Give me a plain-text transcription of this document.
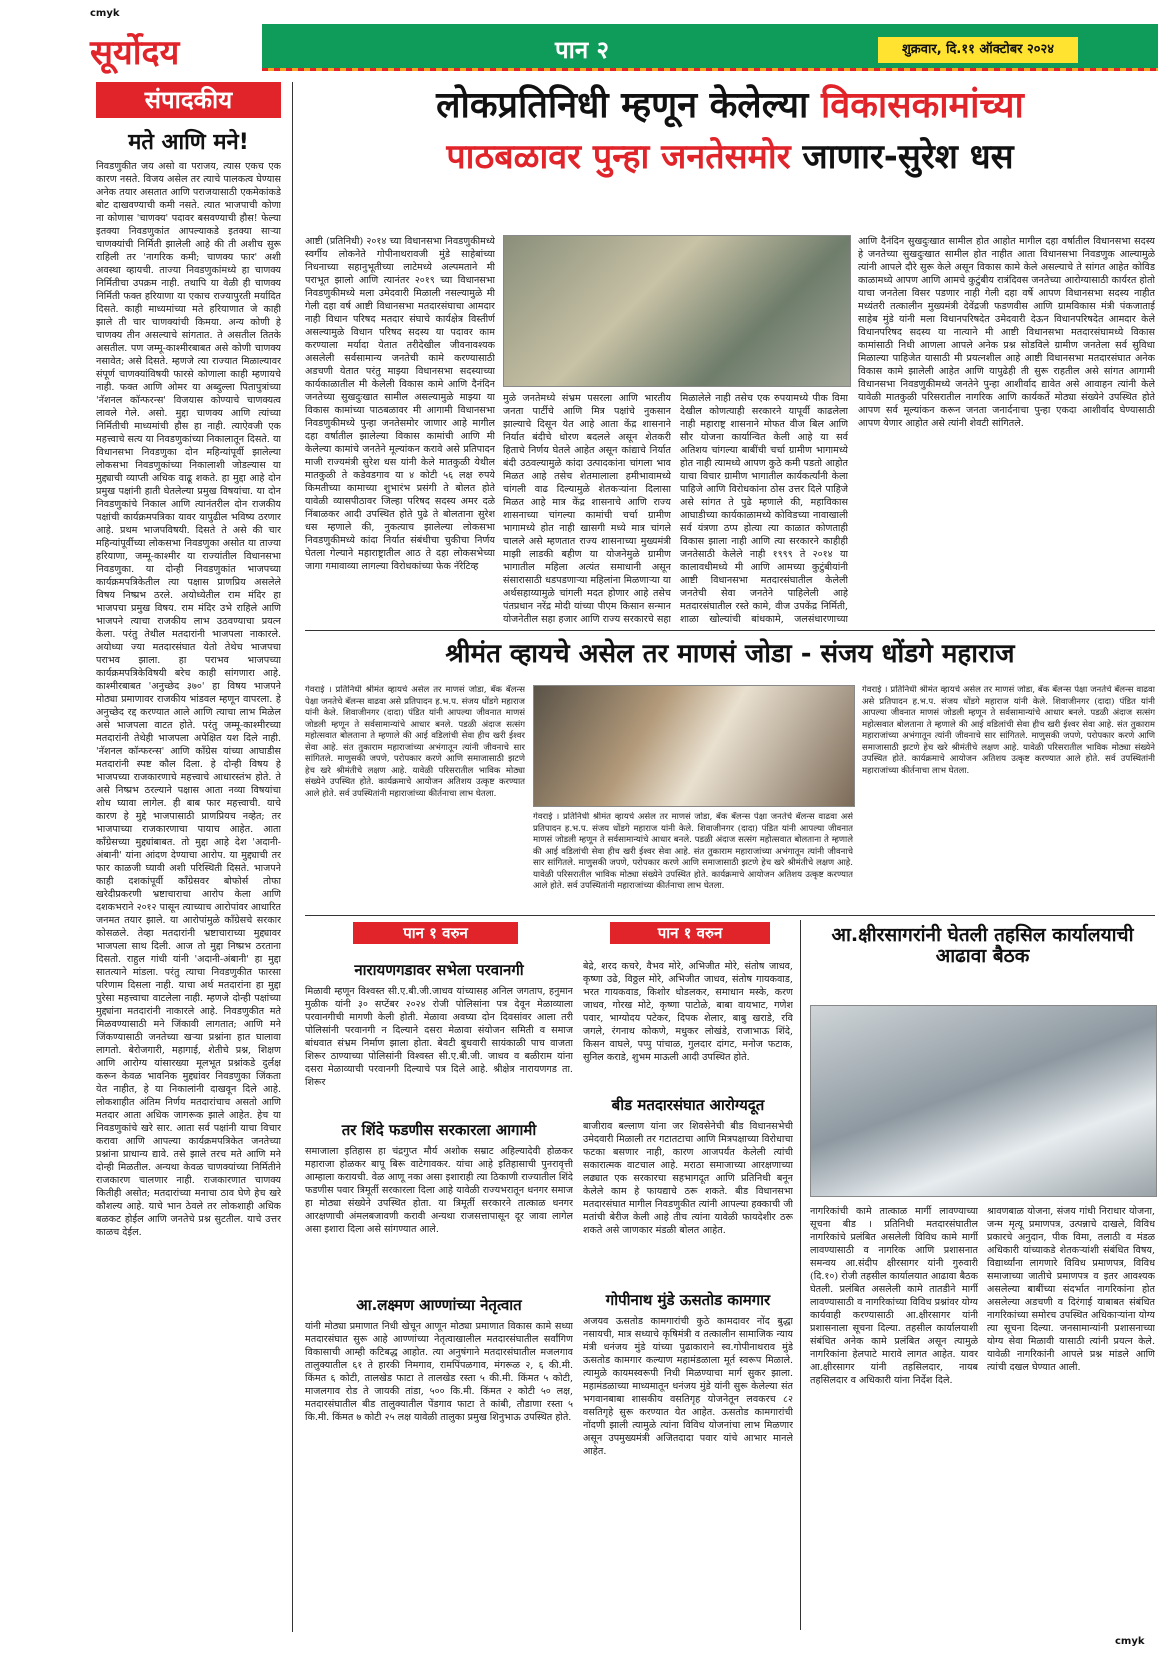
cmyk
सूर्योदय	पान २	शुक्रवार, दि.११ ऑक्टोबर २०२४
संपादकीय
मते आणि मने!
निवडणुकीत जय असो वा पराजय, त्यास एकच एक कारण नसते. विजय असेल तर त्याचे पालकत्व घेण्यास अनेक तयार असतात आणि पराजयासाठी एकमेकांकडे बोट दाखवण्याची कमी नसते. त्यात भाजपाची कोणा ना कोणास 'चाणक्य' पदावर बसवण्याची हौस! फेल्या इतक्या निवडणुकांत आपल्याकडे इतक्या साऱ्या चाणक्यांची निर्मिती झालेली आहे की ती अशीच सुरू राहिली तर 'नागरिक कमी; चाणक्य फार' अशी अवस्था व्हायची. ताज्या निवडणुकांमध्ये हा चाणक्य निर्मितीचा उपक्रम नाही. तथापि या वेळी ही चाणक्य निर्मिती फक्त हरियाणा या एकाच राज्यापुरती मर्यादित दिसते. काही माध्यमांच्या मते हरियाणात जे काही झाले ती चार चाणक्यांची किमया. अन्य कोणी हे चाणक्य तीन असल्याचे सांगतात. ते असतील तितके असतील. पण जम्मू-काश्मीरबाबत असे कोणी चाणक्य नसावेत; असे दिसते. म्हणजे त्या राज्यात मिळाल्यावर संपूर्ण चाणक्यांविषयी फारसे कोणाला काही म्हणायचे नाही. फक्त आणि ओमर या अब्दुल्ला पितापुत्रांच्या 'नॅशनल कॉन्फरन्स' विजयास कोण्याचे चाणक्यत्व लावले गेले. असो. मुद्दा चाणक्य आणि त्यांच्या निर्मितीची माध्यमांची हौस हा नाही. त्याऐवजी एक महत्त्वाचे सत्य या निवडणुकांच्या निकालातून दिसते. या विधानसभा निवडणुका दोन महिन्यांपूर्वी झालेल्या लोकसभा निवडणुकांच्या निकालाशी जोडल्यास या मुद्द्याची व्याप्ती अधिक वाढू शकते. हा मुद्दा आहे दोन प्रमुख पक्षांनी हाती घेतलेल्या प्रमुख विषयांचा. या दोन निवडणुकांचे निकाल आणि त्यानंतरील दोन राजकीय पक्षांची कार्यक्रमपत्रिका यावर यापुढील भविष्य ठरणार आहे. प्रथम भाजपविषयी. दिसते ते असे की चार महिन्यांपूर्वीच्या लोकसभा निवडणुका असोत या ताज्या हरियाणा, जम्मू-काश्मीर या राज्यांतील विधानसभा निवडणुका. या दोन्ही निवडणुकांत भाजपच्या कार्यक्रमपत्रिकेतील त्या पक्षास प्राणप्रिय असलेले विषय निष्प्रभ ठरले. अयोध्येतील राम मंदिर हा भाजपचा प्रमुख विषय. राम मंदिर उभे राहिले आणि भाजपने त्याचा राजकीय लाभ उठवण्याचा प्रयत्न केला. परंतु तेथील मतदारांनी भाजपला नाकारले. अयोध्या ज्या मतदारसंघात येतो तेथेच भाजपचा पराभव झाला. हा पराभव भाजपच्या कार्यक्रमपत्रिकेविषयी बरेच काही सांगणारा आहे. काश्मीरबाबत 'अनुच्छेद ३७०' हा विषय भाजपने मोठ्या प्रमाणावर राजकीय भांडवल म्हणून वापरला. हे अनुच्छेद रद्द करण्यात आले आणि त्याचा लाभ मिळेल असे भाजपला वाटत होते. परंतु जम्मू-काश्मीरच्या मतदारांनी तेथेही भाजपला अपेक्षित यश दिले नाही. 'नॅशनल कॉन्फरन्स' आणि काँग्रेस यांच्या आघाडीस मतदारांनी स्पष्ट कौल दिला. हे दोन्ही विषय हे भाजपच्या राजकारणाचे महत्त्वाचे आधारस्तंभ होते. ते असे निष्प्रभ ठरल्याने पक्षास आता नव्या विषयांचा शोध घ्यावा लागेल. ही बाब फार महत्त्वाची. याचे कारण हे मुद्दे भाजपासाठी प्राणप्रियच नव्हेत; तर भाजपाच्या राजकारणाचा पायाच आहेत. आता काँग्रेसच्या मुद्द्यांबाबत. तो मुद्दा आहे देश 'अदानी-अंबानी' यांना आंदण देण्याचा आरोप. या मुद्द्याची तर फार काळजी घ्यावी अशी परिस्थिती दिसते. भाजपने काही दशकांपूर्वी काँग्रेसवर बोफोर्स तोफा खरेदीप्रकरणी भ्रष्टाचाराचा आरोप केला आणि दशकभराने २०१२ पासून त्याच्याच आरोपांवर आधारित जनमत तयार झाले. या आरोपांमुळे काँग्रेसचे सरकार कोसळले. तेव्हा मतदारांनी भ्रष्टाचाराच्या मुद्द्यावर भाजपला साथ दिली. आज तो मुद्दा निष्प्रभ ठरताना दिसतो. राहुल गांधी यांनी 'अदानी-अंबानी' हा मुद्दा सातत्याने मांडला. परंतु त्याचा निवडणुकीत फारसा परिणाम दिसला नाही. याचा अर्थ मतदारांना हा मुद्दा पुरेसा महत्त्वाचा वाटलेला नाही. म्हणजे दोन्ही पक्षांच्या मुद्द्यांना मतदारांनी नाकारले आहे. निवडणुकीत मते मिळवण्यासाठी मने जिंकावी लागतात; आणि मने जिंकण्यासाठी जनतेच्या खऱ्या प्रश्नांना हात घालावा लागतो. बेरोजगारी, महागाई, शेतीचे प्रश्न, शिक्षण आणि आरोग्य यांसारख्या मूलभूत प्रश्नांकडे दुर्लक्ष करून केवळ भावनिक मुद्द्यांवर निवडणुका जिंकता येत नाहीत, हे या निकालांनी दाखवून दिले आहे. लोकशाहीत अंतिम निर्णय मतदारांचाच असतो आणि मतदार आता अधिक जागरूक झाले आहेत. हेच या निवडणुकांचे खरे सार. आता सर्व पक्षांनी याचा विचार करावा आणि आपल्या कार्यक्रमपत्रिकेत जनतेच्या प्रश्नांना प्राधान्य द्यावे. तसे झाले तरच मते आणि मने दोन्ही मिळतील. अन्यथा केवळ चाणक्यांच्या निर्मितीने राजकारण चालणार नाही. राजकारणात चाणक्य कितीही असोत; मतदारांच्या मनाचा ठाव घेणे हेच खरे कौशल्य आहे. याचे भान ठेवले तर लोकशाही अधिक बळकट होईल आणि जनतेचे प्रश्न सुटतील. याचे उत्तर काळच देईल.
लोकप्रतिनिधी म्हणून केलेल्या विकासकामांच्या
पाठबळावर पुन्हा जनतेसमोर जाणार-सुरेश धस
आष्टी (प्रतिनिधी) २०१४ च्या विधानसभा निवडणुकीमध्ये स्वर्गीय लोकनेते गोपीनाथरावजी मुंडे साहेबांच्या निधनाच्या सहानुभूतीच्या लाटेमध्ये अल्पमताने मी पराभूत झालो आणि त्यानंतर २०१९ च्या विधानसभा निवडणुकीमध्ये मला उमेदवारी मिळाली नसल्यामुळे मी गेली दहा वर्ष आष्टी विधानसभा मतदारसंघाचा आमदार नाही विधान परिषद मतदार संघाचे कार्यक्षेत्र विस्तीर्ण असल्यामुळे विधान परिषद सदस्य या पदावर काम करण्याला मर्यादा येतात तरीदेखील जीवनावश्यक असलेली सर्वसामान्य जनतेची कामे करण्यासाठी अडचणी येतात परंतु माझ्या विधानसभा सदस्याच्या कार्यकाळातील मी केलेली विकास कामे आणि दैनंदिन जनतेच्या सुखदुःखात सामील असल्यामुळे माझ्या या विकास कामांच्या पाठबळावर मी आगामी विधानसभा निवडणुकीमध्ये पुन्हा जनतेसमोर जाणार आहे मागील दहा वर्षातील झालेल्या विकास कामांची आणि मी केलेल्या कामांचे जनतेने मूल्यांकन करावे असे प्रतिपादन माजी राज्यमंत्री सुरेश धस यांनी केले मातकुळी येथील मातकुळी ते कडेवडगाव या ४ कोटी ५६ लक्ष रुपये किमतीच्या कामाच्या शुभारंभ प्रसंगी ते बोलत होते यावेळी व्यासपीठावर जिल्हा परिषद सदस्य अमर दळे निंबाळकर आदी उपस्थित होते पुढे ते बोलताना सुरेश धस म्हणाले की, नुकत्याच झालेल्या लोकसभा निवडणुकीमध्ये कांदा निर्यात संबंधीचा चुकीचा निर्णय घेतला गेल्याने महाराष्ट्रातील आठ ते दहा लोकसभेच्या जागा गमावाव्या लागल्या विरोधकांच्या फेक नॅरेटिव्ह
मुळे जनतेमध्ये संभ्रम पसरला आणि भारतीय जनता पार्टीचे आणि मित्र पक्षांचे नुकसान झाल्याचे दिसून येत आहे आता केंद्र शासनाने निर्यात बंदीचे धोरण बदलले असून शेतकरी हिताचे निर्णय घेतले आहेत असून कांद्याचे निर्यात बंदी उठवल्यामुळे कांदा उत्पादकांना चांगला भाव मिळत आहे तसेच शेतमालाला हमीभावामध्ये चांगली वाढ दिल्यामुळे शेतकऱ्यांना दिलासा मिळत आहे मात्र केंद्र शासनाचे आणि राज्य शासनाच्या चांगल्या कामांची चर्चा ग्रामीण भागामध्ये होत नाही खासगी मध्ये मात्र चांगले चालले असे म्हणतात राज्य शासनाच्या मुख्यमंत्री माझी लाडकी बहीण या योजनेमुळे ग्रामीण भागातील महिला अत्यंत समाधानी असून संसारासाठी धडपडणाऱ्या महिलांना मिळणाऱ्या या अर्थसहाय्यामुळे चांगली मदत होणार आहे तसेच पंतप्रधान नरेंद्र मोदी यांच्या पीएम किसान सन्मान योजनेतील सहा हजार आणि राज्य सरकारचे सहा
मिळालेले नाही तसेच एक रुपयामध्ये पीक विमा देखील कोणत्याही सरकारने यापूर्वी काढलेला नाही महाराष्ट्र शासनाने मोफत वीज बिल आणि सौर योजना कार्यान्वित केली आहे या सर्व अतिशय चांगल्या बाबींची चर्चा ग्रामीण भागामध्ये होत नाही त्यामध्ये आपण कुठे कमी पडतो आहोत याचा विचार ग्रामीण भागातील कार्यकर्त्यांनी केला पाहिजे आणि विरोधकांना ठोस उत्तर दिले पाहिजे असे सांगत ते पुढे म्हणाले की, महाविकास आघाडीच्या कार्यकाळामध्ये कोविडच्या नावाखाली सर्व यंत्रणा ठप्प होत्या त्या काळात कोणताही विकास झाला नाही आणि त्या सरकारने काहीही जनतेसाठी केलेले नाही १९९९ ते २०१४ या कालावधीमध्ये मी आणि आमच्या कुटुंबीयांनी आष्टी विधानसभा मतदारसंघातील केलेली जनतेची सेवा जनतेने पाहिलेली आहे मतदारसंघातील रस्ते कामे, वीज उपकेंद्र निर्मिती, शाळा खोल्यांची बांधकामे, जलसंधारणाच्या
आणि दैनंदिन सुखदुःखात सामील होत आहोत मागील दहा वर्षातील विधानसभा सदस्य हे जनतेच्या सुखदुःखात सामील होत नाहीत आता विधानसभा निवडणुक आल्यामुळे त्यांनी आपले दौरे सुरू केले असून विकास कामे केले असल्याचे ते सांगत आहेत कोविड काळामध्ये आपण आणि आमचे कुटुंबीय रात्रंदिवस जनतेच्या आरोग्यासाठी कार्यरत होतो याचा जनतेला विसर पडणार नाही गेली दहा वर्षे आपण विधानसभा सदस्य नाहीत मध्यंतरी तत्कालीन मुख्यमंत्री देवेंद्रजी फडणवीस आणि ग्रामविकास मंत्री पंकजाताई साहेब मुंडे यांनी मला विधानपरिषदेत उमेदवारी देऊन विधानपरिषदेत आमदार केले विधानपरिषद सदस्य या नात्याने मी आष्टी विधानसभा मतदारसंघामध्ये विकास कामांसाठी निधी आणला आपले अनेक प्रश्न सोडविले ग्रामीण जनतेला सर्व सुविधा मिळाल्या पाहिजेत यासाठी मी प्रयत्नशील आहे आष्टी विधानसभा मतदारसंघात अनेक विकास कामे झालेली आहेत आणि यापुढेही ती सुरू राहतील असे सांगत आगामी विधानसभा निवडणुकीमध्ये जनतेने पुन्हा आशीर्वाद द्यावेत असे आवाहन त्यांनी केले यावेळी मातकुळी परिसरातील नागरिक आणि कार्यकर्ते मोठ्या संख्येने उपस्थित होते आपण सर्व मूल्यांकन करून जनता जनार्दनाचा पुन्हा एकदा आशीर्वाद घेण्यासाठी आपण येणार आहोत असे त्यांनी शेवटी सांगितले.
श्रीमंत व्हायचे असेल तर माणसं जोडा - संजय धोंडगे महाराज
गेवराई । प्रतिनिधी श्रीमंत व्हायचे असेल तर माणसं जोडा, बँक बॅलन्स पेक्षा जनतेचे बॅलन्स वाढवा असे प्रतिपादन ह.भ.प. संजय धोंडगे महाराज यांनी केले. शिवाजीनगर (दादा) पंडित यांनी आपल्या जीवनात माणसं जोडली म्हणून ते सर्वसामान्यांचे आधार बनले. पडळी अंदाज सत्संग महोत्सवात बोलताना ते म्हणाले की आई वडिलांची सेवा हीच खरी ईश्वर सेवा आहे. संत तुकाराम महाराजांच्या अभंगातून त्यांनी जीवनाचे सार सांगितले. माणुसकी जपणे, परोपकार करणे आणि समाजासाठी झटणे हेच खरे श्रीमंतीचे लक्षण आहे. यावेळी परिसरातील भाविक मोठ्या संख्येने उपस्थित होते. कार्यक्रमाचे आयोजन अतिशय उत्कृष्ट करण्यात आले होते. सर्व उपस्थितांनी महाराजांच्या कीर्तनाचा लाभ घेतला.
गेवराई । प्रतिनिधी श्रीमंत व्हायचे असेल तर माणसं जोडा, बँक बॅलन्स पेक्षा जनतेचे बॅलन्स वाढवा असे प्रतिपादन ह.भ.प. संजय धोंडगे महाराज यांनी केले. शिवाजीनगर (दादा) पंडित यांनी आपल्या जीवनात माणसं जोडली म्हणून ते सर्वसामान्यांचे आधार बनले. पडळी अंदाज सत्संग महोत्सवात बोलताना ते म्हणाले की आई वडिलांची सेवा हीच खरी ईश्वर सेवा आहे. संत तुकाराम महाराजांच्या अभंगातून त्यांनी जीवनाचे सार सांगितले. माणुसकी जपणे, परोपकार करणे आणि समाजासाठी झटणे हेच खरे श्रीमंतीचे लक्षण आहे. यावेळी परिसरातील भाविक मोठ्या संख्येने उपस्थित होते. कार्यक्रमाचे आयोजन अतिशय उत्कृष्ट करण्यात आले होते. सर्व उपस्थितांनी महाराजांच्या कीर्तनाचा लाभ घेतला.
गेवराई । प्रतिनिधी श्रीमंत व्हायचे असेल तर माणसं जोडा, बँक बॅलन्स पेक्षा जनतेचे बॅलन्स वाढवा असे प्रतिपादन ह.भ.प. संजय धोंडगे महाराज यांनी केले. शिवाजीनगर (दादा) पंडित यांनी आपल्या जीवनात माणसं जोडली म्हणून ते सर्वसामान्यांचे आधार बनले. पडळी अंदाज सत्संग महोत्सवात बोलताना ते म्हणाले की आई वडिलांची सेवा हीच खरी ईश्वर सेवा आहे. संत तुकाराम महाराजांच्या अभंगातून त्यांनी जीवनाचे सार सांगितले. माणुसकी जपणे, परोपकार करणे आणि समाजासाठी झटणे हेच खरे श्रीमंतीचे लक्षण आहे. यावेळी परिसरातील भाविक मोठ्या संख्येने उपस्थित होते. कार्यक्रमाचे आयोजन अतिशय उत्कृष्ट करण्यात आले होते. सर्व उपस्थितांनी महाराजांच्या कीर्तनाचा लाभ घेतला.
पान १ वरुन	पान १ वरुन
नारायणगडावर सभेला परवानगी
मिळावी म्हणून विश्वस्त सी.ए.बी.जी.जाधव यांच्यासह अनिल जगताप, हनुमान मुळीक यांनी ३० सप्टेंबर २०२४ रोजी पोलिसांना पत्र देवून मेळाव्याला परवानगीची मागणी केली होती. मेळावा अवघ्या दोन दिवसांवर आला तरी पोलिसांनी परवानगी न दिल्याने दसरा मेळावा संयोजन समिती व समाज बांधवात संभ्रम निर्माण झाला होता. बेवटी बुधवारी सायंकाळी पाच वाजता शिरूर ठाण्याच्या पोलिसांनी विश्वस्त सी.ए.बी.जी. जाधव व बळीराम यांना दसरा मेळाव्याची परवानगी दिल्याचे पत्र दिले आहे. श्रीक्षेत्र नारायणगड ता. शिरूर
तर शिंदे फडणीस सरकारला आगामी
समाजाला इतिहास हा चंद्रगुप्त मौर्य अशोक सम्राट अहिल्यादेवी होळकर महाराजा होळकर बापू बिरू वाटेगावकर. यांचा आहे इतिहासाची पुनरावृत्ती आम्हाला करायची. वेळ आणू नका असा इशाराही त्या ठिकाणी राज्यातील शिंदे फडणीस पवार त्रिमूर्ती सरकारला दिला आहे यावेळी राज्यभरातून धनगर समाज हा मोठ्या संख्येने उपस्थित होता. या त्रिमूर्ती सरकारने तात्काळ धनगर आरक्षणाची अंमलबजावणी करावी अन्यथा राजसत्तापासून दूर जावा लागेल असा इशारा दिला असे सांगण्यात आले.
आ.लक्ष्मण आण्णांच्या नेतृत्वात
यांनी मोठ्या प्रमाणात निधी खेचून आणून मोठ्या प्रमाणात विकास कामे सध्या मतदारसंघात सुरू आहे आण्णांच्या नेतृत्वाखालील मतदारसंघातील सर्वांगिण विकासाची आम्ही कटिबद्ध आहोत. त्या अनुषंगाने मतदारसंघातील मजलगाव तालुक्यातील ६१ ते हारकी निमगाव, रामपिंपळगाव, मंगरूळ २, ६ की.मी. किंमत ६ कोटी, तालखेड फाटा ते तालखेड रस्ता ५ की.मी. किंमत ५ कोटी, माजलगाव रोड ते जायकी तांडा, ५०० कि.मी. किंमत २ कोटी ५० लक्ष, मतदारसंघातील बीड तालुक्यातील पेंडगाव फाटा ते कांबी, तौडाणा रस्ता ५ कि.मी. किंमत ७ कोटी २५ लक्ष यावेळी तालुका प्रमुख शिनुभाऊ उपस्थित होते.
बेद्रे, शरद कचरे, वैभव मोरे, अभिजीत मोरे, संतोष जाधव, कृष्णा उढे, विठ्ठल मोरे, अभिजीत जाधव, संतोष गायकवाड, भरत गायकवाड, किशोर धोडलकर, समाधान मस्के, करण जाधव, गोरख मोटे, कृष्णा पाटोळे, बाबा वायभाट, गणेश पवार, भाग्योदय पटेकर, दिपक शेलार, बाबु खराडे, रवि जगले, रंगनाथ कोकणे, मधुकर लोखंडे, राजाभाऊ शिंदे, किसन वाघले, पप्पु पांचाळ, गुलदार दांगट, मनोज फटाक, सुनिल कराडे, शुभम माऊली आदी उपस्थित होते.
बीड मतदारसंघात आरोग्यदूत
बाजीराव बल्लाण यांना जर शिवसेनेची बीड विधानसभेची उमेदवारी मिळाली तर गटातटाचा आणि मित्रपक्षाच्या विरोधाचा फटका बसणार नाही, कारण आजपर्यंत केलेली त्यांची सकारात्मक वाटचाल आहे. मराठा समाजाच्या आरक्षणाच्या लढ्यात एक सरकारचा सहभागदूत आणि प्रतिनिधी बनून केलेले काम हे फायद्याचे ठरू शकते. बीड विधानसभा मतदारसंघात मागील निवडणुकीत त्यांनी आपल्या हक्काची जी मतांची बेरीज केली आहे तीच त्यांना यावेळी फायदेशीर ठरू शकते असे जाणकार मंडळी बोलत आहेत.
गोपीनाथ मुंडे ऊसतोड कामगार
अजयव ऊसतोड कामगारांची कुठे कामदावर नोंद बुद्धा नसायची, मात्र सध्याचे कृषिमंत्री व तत्कालीन सामाजिक न्याय मंत्री धनंजय मुंडे यांच्या पुढाकाराने स्व.गोपीनाथराव मुंडे ऊसतोड कामगार कल्याण महामंडळाला मूर्त स्वरूप मिळाले. त्यामुळे कायमस्वरूपी निधी मिळण्याचा मार्ग सुकर झाला. महामंडळाच्या माध्यमातून धनंजय मुंडे यांनी सुरू केलेल्या संत भगवानबाबा शासकीय वसतिगृह योजनेतून लवकरच ८२ वसतिगृहे सुरू करण्यात येत आहेत. ऊसतोड कामगारांची नोंदणी झाली त्यामुळे त्यांना विविध योजनांचा लाभ मिळणार असून उपमुख्यमंत्री अजितदादा पवार यांचे आभार मानले आहेत.
आ.क्षीरसागरांनी घेतली तहसिल कार्यालयाची आढावा बैठक
नागरिकांची कामे तात्काळ मार्गी लावण्याच्या सूचना बीड । प्रतिनिधी मतदारसंघातील नागरिकांचे प्रलंबित असलेली विविध कामे मार्गी लावण्यासाठी व नागरिक आणि प्रशासनात समन्वय आ.संदीप क्षीरसागर यांनी गुरुवारी (दि.१०) रोजी तहसील कार्यालयात आढावा बैठक घेतली. प्रलंबित असलेली कामे तातडीने मार्गी लावण्यासाठी व नागरिकांच्या विविध प्रश्नांवर योग्य कार्यवाही करण्यासाठी आ.क्षीरसागर यांनी प्रशासनाला सूचना दिल्या. तहसील कार्यालयाशी संबंधित अनेक कामे प्रलंबित असून त्यामुळे नागरिकांना हेलपाटे मारावे लागत आहेत. यावर आ.क्षीरसागर यांनी तहसिलदार, नायब तहसिलदार व अधिकारी यांना निर्देश दिले.
श्रावणबाळ योजना, संजय गांधी निराधार योजना, जन्म मृत्यू प्रमाणपत्र, उत्पन्नाचे दाखले, विविध प्रकारचे अनुदान, पीक विमा, तलाठी व मंडळ अधिकारी यांच्याकडे शेतकऱ्यांशी संबंधित विषय, विद्यार्थ्यांना लागणारे विविध प्रमाणपत्र, विविध समाजाच्या जातीचे प्रमाणपत्र व इतर आवश्यक असलेल्या बाबींच्या संदर्भात नागरिकांना होत असलेल्या अडचणी व दिरंगाई याबाबत संबंधित नागरिकांच्या समोरच उपस्थित अधिकाऱ्यांना योग्य त्या सूचना दिल्या. जनसामान्यांनी प्रशासनाच्या योग्य सेवा मिळावी यासाठी त्यांनी प्रयत्न केले. यावेळी नागरिकांनी आपले प्रश्न मांडले आणि त्यांची दखल घेण्यात आली.
cmyk
